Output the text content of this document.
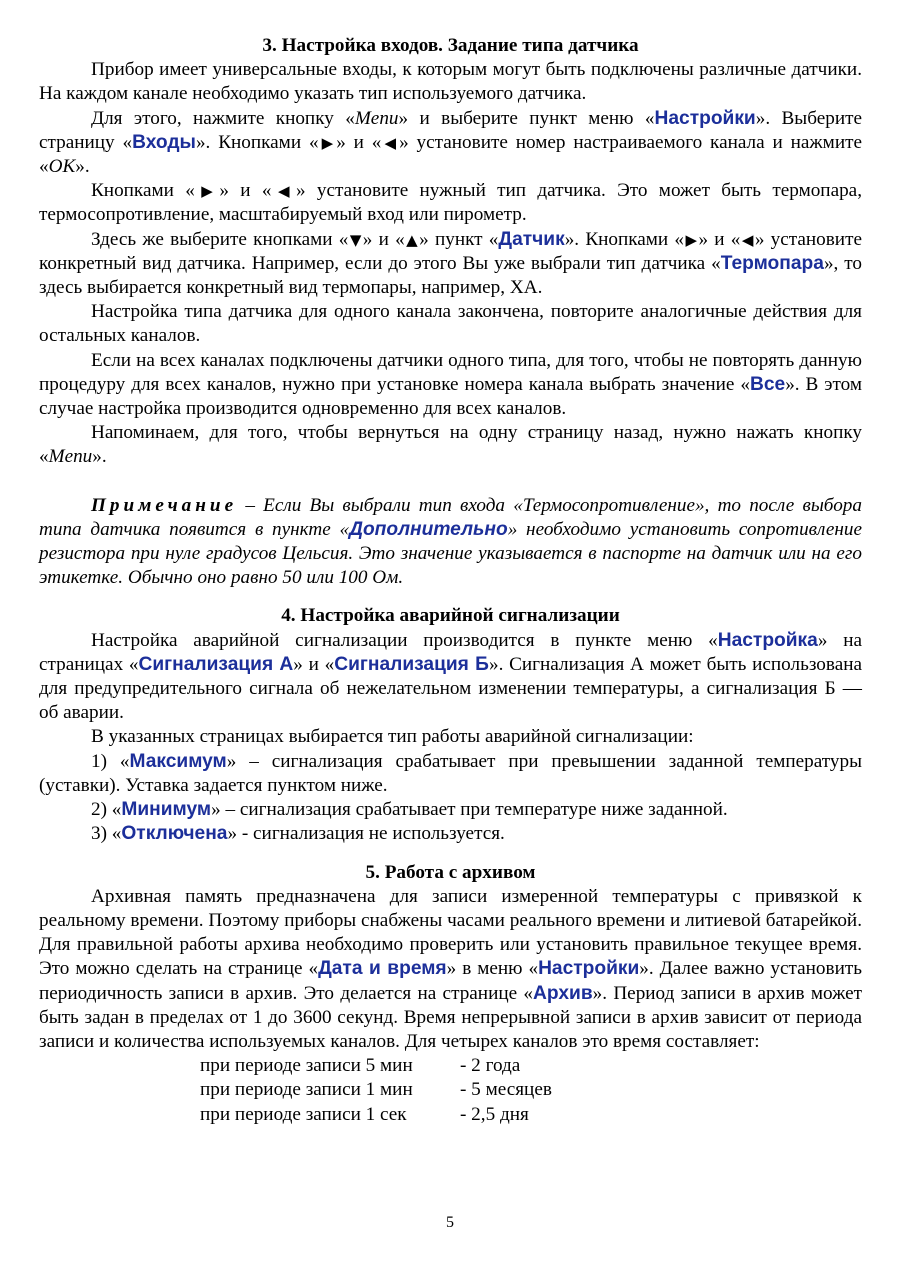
3. Настройка входов. Задание типа датчика

Прибор имеет универсальные входы, к которым могут быть подключены различные датчики. На каждом канале необходимо указать тип используемого датчика.

Для этого, нажмите кнопку «Menu» и выберите пункт меню «Настройки». Выберите страницу «Входы». Кнопками «▶» и «◀» установите номер настраиваемого канала и нажмите «OK».

Кнопками «▶» и «◀» установите нужный тип датчика. Это может быть термопара, термосопротивление, масштабируемый вход или пирометр.

Здесь же выберите кнопками «▼» и «▲» пункт «Датчик». Кнопками «▶» и «◀» установите конкретный вид датчика. Например, если до этого Вы уже выбрали тип датчика «Термопара», то здесь выбирается конкретный вид термопары, например, ХА.

Настройка типа датчика для одного канала закончена, повторите аналогичные действия для остальных каналов.

Если на всех каналах подключены датчики одного типа, для того, чтобы не повторять данную процедуру для всех каналов, нужно при установке номера канала выбрать значение «Все». В этом случае настройка производится одновременно для всех каналов.

Напоминаем, для того, чтобы вернуться на одну страницу назад, нужно нажать кнопку «Menu».

Примечание – Если Вы выбрали тип входа «Термосопротивление», то после выбора типа датчика появится в пункте «Дополнительно» необходимо установить сопротивление резистора при нуле градусов Цельсия. Это значение указывается в паспорте на датчик или на его этикетке. Обычно оно равно 50 или 100 Ом.

4. Настройка аварийной сигнализации

Настройка аварийной сигнализации производится в пункте меню «Настройка» на страницах «Сигнализация А» и «Сигнализация Б». Сигнализация А может быть использована для предупредительного сигнала об нежелательном изменении температуры, а сигнализация Б — об аварии.

В указанных страницах выбирается тип работы аварийной сигнализации:

1) «Максимум» – сигнализация срабатывает при превышении заданной температуры (уставки). Уставка задается пунктом ниже.

2) «Минимум» – сигнализация срабатывает при температуре ниже заданной.

3) «Отключена» - сигнализация не используется.

5. Работа с архивом

Архивная память предназначена для записи измеренной температуры с привязкой к реальному времени. Поэтому приборы снабжены часами реального времени и литиевой батарейкой. Для правильной работы архива необходимо проверить или установить правильное текущее время. Это можно сделать на странице «Дата и время» в меню «Настройки». Далее важно установить периодичность записи в архив. Это делается на странице «Архив». Период записи в архив может быть задан в пределах от 1 до 3600 секунд. Время непрерывной записи в архив зависит от периода записи и количества используемых каналов. Для четырех каналов это время составляет:

при периоде записи 5 мин	- 2 года
при периоде записи 1 мин	- 5 месяцев
при периоде записи 1 сек	- 2,5 дня
5
